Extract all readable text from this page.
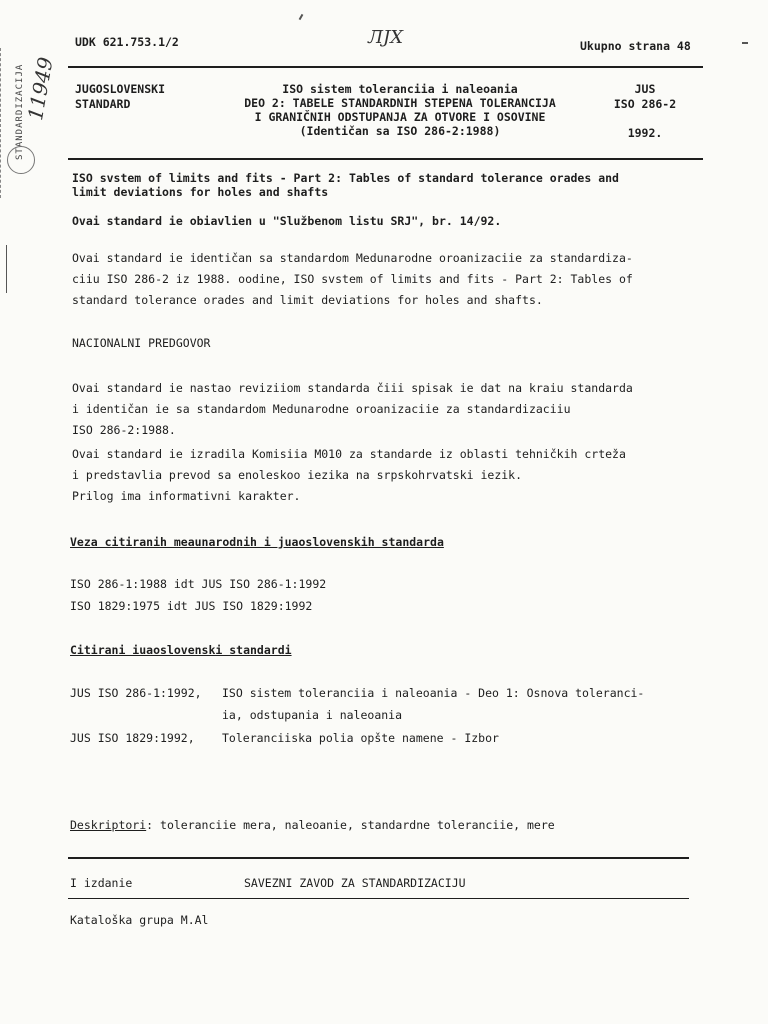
11949
STANDARDIZACIJA
UDK 621.753.1/2	ЛЈХ	Ukupno strana 48
JUGOSLOVENSKI
STANDARD
ISO sistem toleranciia i naleoania
DEO 2: TABELE STANDARDNIH STEPENA TOLERANCIJA
I GRANIČNIH ODSTUPANJA ZA OTVORE I OSOVINE
(Identičan sa ISO 286-2:1988)
JUS
ISO 286-2
1992.
ISO svstem of limits and fits - Part 2: Tables of standard tolerance orades and
limit deviations for holes and shafts
Ovai standard ie obiavlien u "Službenom listu SRJ", br. 14/92.
Ovai standard ie identičan sa standardom Medunarodne oroanizaciie za standardiza-
ciiu ISO 286-2 iz 1988. oodine, ISO svstem of limits and fits - Part 2: Tables of
standard tolerance orades and limit deviations for holes and shafts.
NACIONALNI PREDGOVOR
Ovai standard ie nastao reviziiom standarda čiii spisak ie dat na kraiu standarda
i identičan ie sa standardom Medunarodne oroanizaciie za standardizaciiu
ISO 286-2:1988.
Ovai standard ie izradila Komisiia M010 za standarde iz oblasti tehničkih crteža
i predstavlia prevod sa enoleskoo iezika na srpskohrvatski iezik.
Prilog ima informativni karakter.
Veza citiranih meaunarodnih i juaoslovenskih standarda
ISO 286-1:1988 idt JUS ISO 286-1:1992
ISO 1829:1975 idt JUS ISO 1829:1992
Citirani iuaoslovenski standardi
JUS ISO 286-1:1992, ISO sistem toleranciia i naleoania - Deo 1: Osnova toleranci-
ia, odstupania i naleoania
JUS ISO 1829:1992, Toleranciiska polia opšte namene - Izbor
Deskriptori: toleranciie mera, naleoanie, standardne toleranciie, mere
I izdanie	SAVEZNI ZAVOD ZA STANDARDIZACIJU
Kataloška grupa M.Al
